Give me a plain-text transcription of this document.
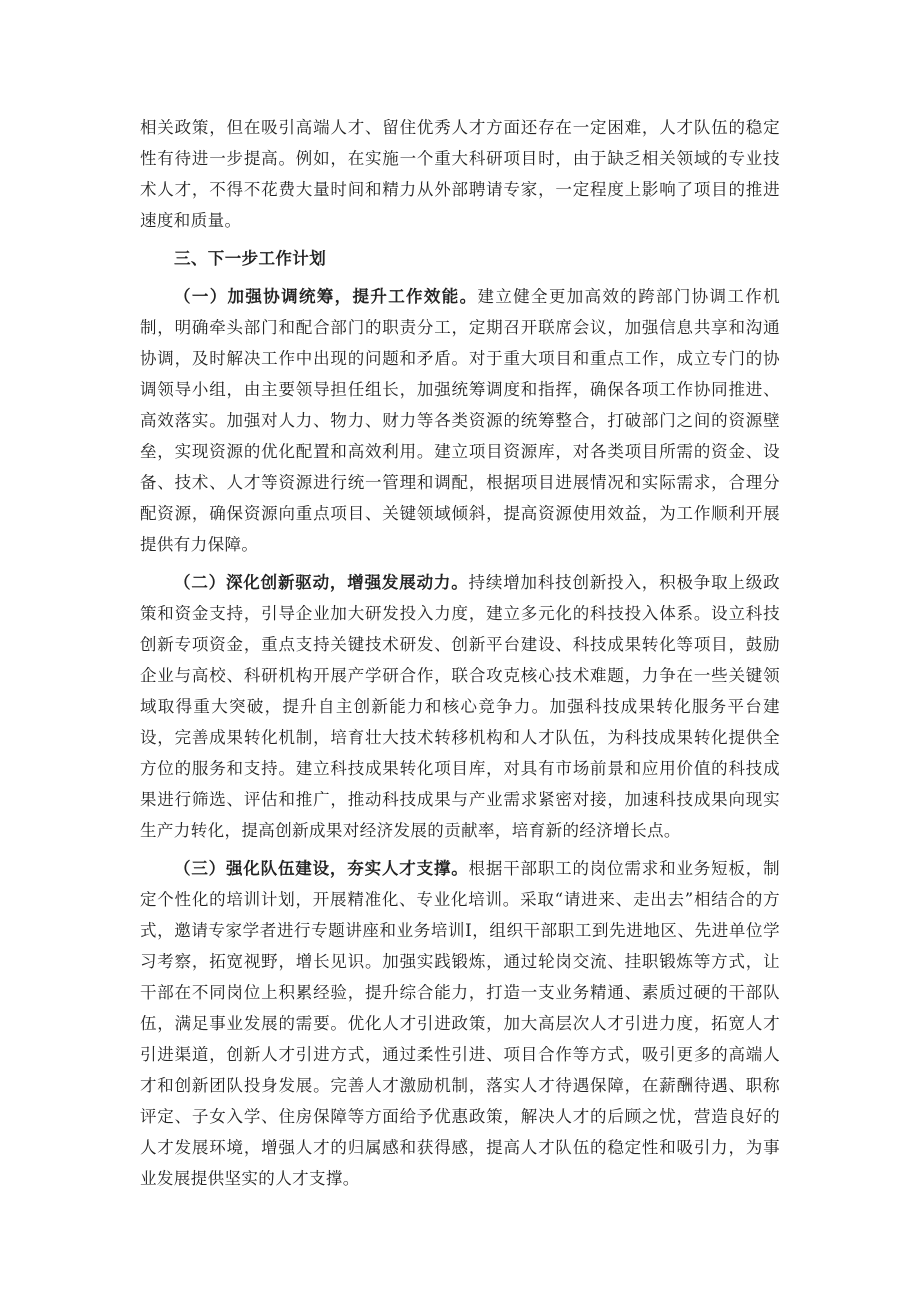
相关政策，但在吸引高端人才、留住优秀人才方面还存在一定困难，人才队伍的稳定性有待进一步提高。例如，在实施一个重大科研项目时，由于缺乏相关领域的专业技术人才，不得不花费大量时间和精力从外部聘请专家，一定程度上影响了项目的推进速度和质量。

三、下一步工作计划

（一）加强协调统筹，提升工作效能。建立健全更加高效的跨部门协调工作机制，明确牵头部门和配合部门的职责分工，定期召开联席会议，加强信息共享和沟通协调，及时解决工作中出现的问题和矛盾。对于重大项目和重点工作，成立专门的协调领导小组，由主要领导担任组长，加强统筹调度和指挥，确保各项工作协同推进、高效落实。加强对人力、物力、财力等各类资源的统筹整合，打破部门之间的资源壁垒，实现资源的优化配置和高效利用。建立项目资源库，对各类项目所需的资金、设备、技术、人才等资源进行统一管理和调配，根据项目进展情况和实际需求，合理分配资源，确保资源向重点项目、关键领域倾斜，提高资源使用效益，为工作顺利开展提供有力保障。

（二）深化创新驱动，增强发展动力。持续增加科技创新投入，积极争取上级政策和资金支持，引导企业加大研发投入力度，建立多元化的科技投入体系。设立科技创新专项资金，重点支持关键技术研发、创新平台建设、科技成果转化等项目，鼓励企业与高校、科研机构开展产学研合作，联合攻克核心技术难题，力争在一些关键领域取得重大突破，提升自主创新能力和核心竞争力。加强科技成果转化服务平台建设，完善成果转化机制，培育壮大技术转移机构和人才队伍，为科技成果转化提供全方位的服务和支持。建立科技成果转化项目库，对具有市场前景和应用价值的科技成果进行筛选、评估和推广，推动科技成果与产业需求紧密对接，加速科技成果向现实生产力转化，提高创新成果对经济发展的贡献率，培育新的经济增长点。

（三）强化队伍建设，夯实人才支撑。根据干部职工的岗位需求和业务短板，制定个性化的培训计划，开展精准化、专业化培训。采取“请进来、走出去”相结合的方式，邀请专家学者进行专题讲座和业务培训I，组织干部职工到先进地区、先进单位学习考察，拓宽视野，增长见识。加强实践锻炼，通过轮岗交流、挂职锻炼等方式，让干部在不同岗位上积累经验，提升综合能力，打造一支业务精通、素质过硬的干部队伍，满足事业发展的需要。优化人才引进政策，加大高层次人才引进力度，拓宽人才引进渠道，创新人才引进方式，通过柔性引进、项目合作等方式，吸引更多的高端人才和创新团队投身发展。完善人才激励机制，落实人才待遇保障，在薪酬待遇、职称评定、子女入学、住房保障等方面给予优惠政策，解决人才的后顾之忧，营造良好的人才发展环境，增强人才的归属感和获得感，提高人才队伍的稳定性和吸引力，为事业发展提供坚实的人才支撑。
